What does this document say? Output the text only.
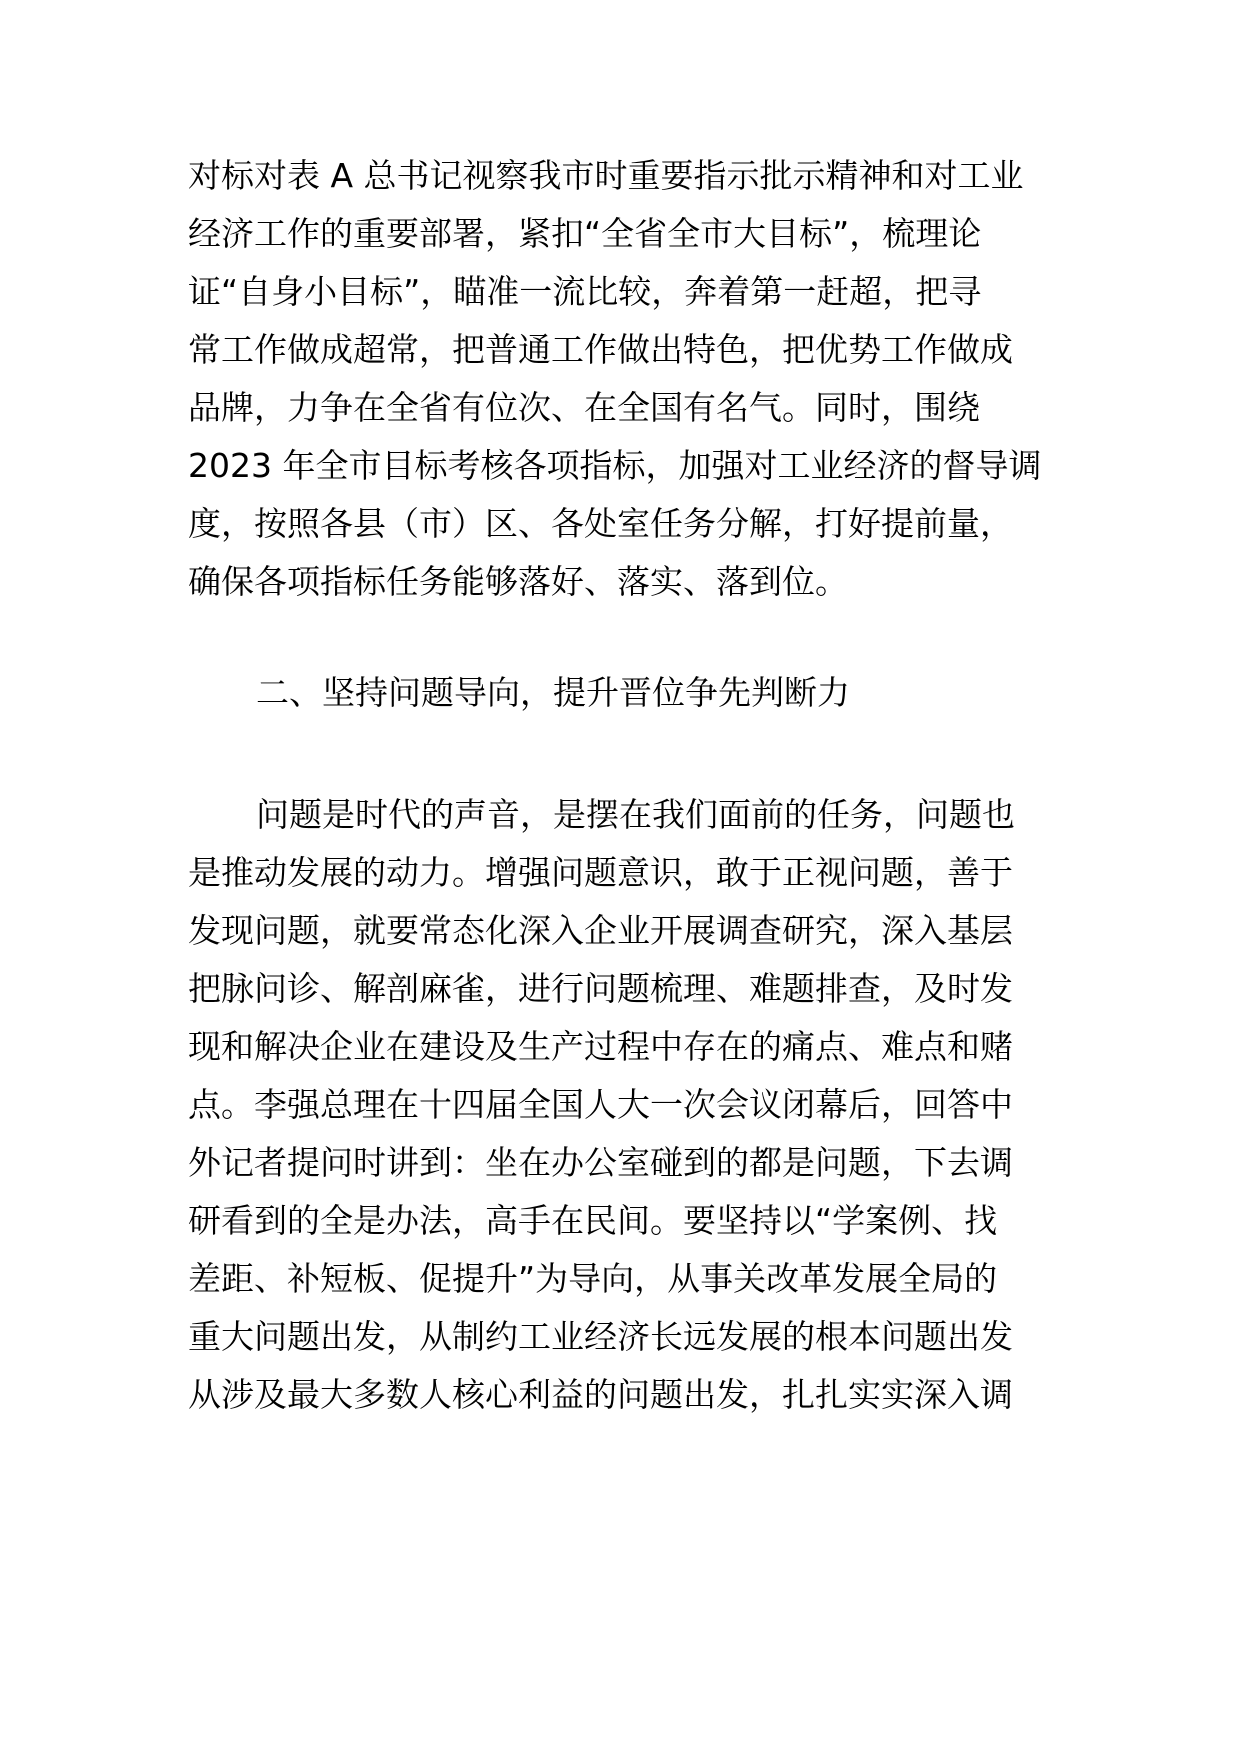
对标对表 A 总书记视察我市时重要指示批示精神和对工业
经济工作的重要部署，紧扣“全省全市大目标”，梳理论
证“自身小目标”，瞄准一流比较，奔着第一赶超，把寻
常工作做成超常，把普通工作做出特色，把优势工作做成
品牌，力争在全省有位次、在全国有名气。同时，围绕
2023 年全市目标考核各项指标，加强对工业经济的督导调
度，按照各县（市）区、各处室任务分解，打好提前量，
确保各项指标任务能够落好、落实、落到位。
二、坚持问题导向，提升晋位争先判断力
问题是时代的声音，是摆在我们面前的任务，问题也
是推动发展的动力。增强问题意识，敢于正视问题，善于
发现问题，就要常态化深入企业开展调查研究，深入基层
把脉问诊、解剖麻雀，进行问题梳理、难题排查，及时发
现和解决企业在建设及生产过程中存在的痛点、难点和赌
点。李强总理在十四届全国人大一次会议闭幕后，回答中
外记者提问时讲到：坐在办公室碰到的都是问题，下去调
研看到的全是办法，高手在民间。要坚持以“学案例、找
差距、补短板、促提升”为导向，从事关改革发展全局的
重大问题出发，从制约工业经济长远发展的根本问题出发
从涉及最大多数人核心利益的问题出发，扎扎实实深入调
